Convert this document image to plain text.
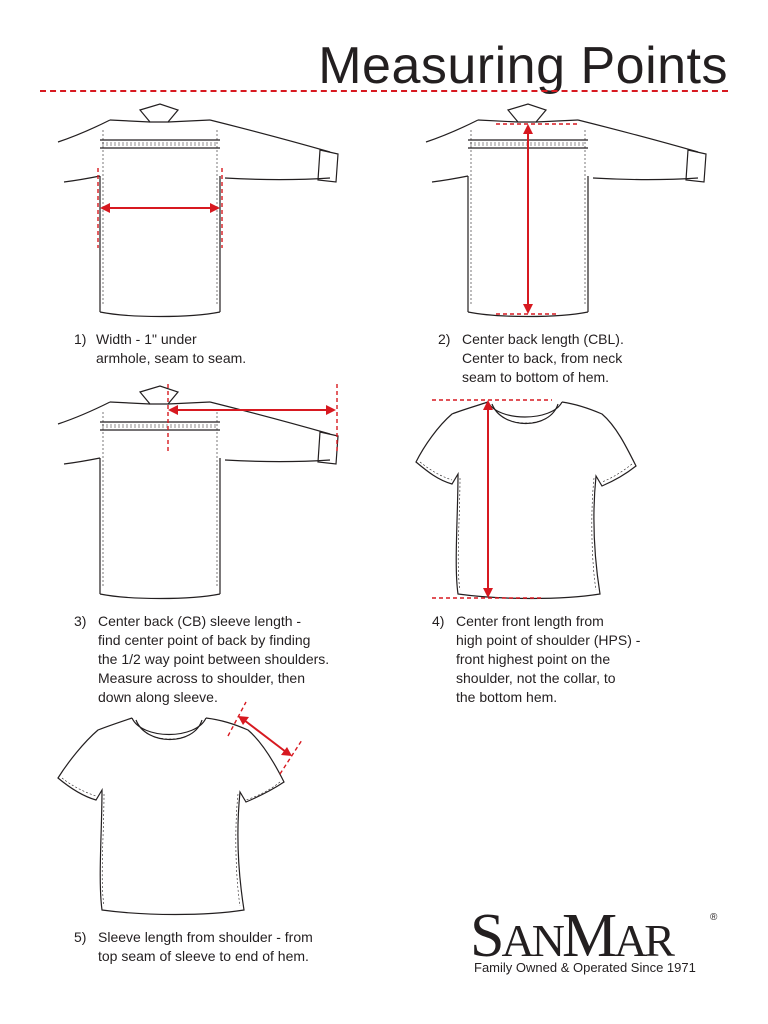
Measuring Points
1) Width - 1" under
armhole, seam to seam.
2) Center back length (CBL).
Center to back, from neck
seam to bottom of hem.
3) Center back (CB) sleeve length -
find center point of back by finding
the 1/2 way point between shoulders.
Measure across to shoulder, then
down along sleeve.
4) Center front length from
high point of shoulder (HPS) -
front highest point on the
shoulder, not the collar, to
the bottom hem.
5) Sleeve length from shoulder - from
top seam of sleeve to end of hem.	SANMAR	®
Family Owned & Operated Since 1971
